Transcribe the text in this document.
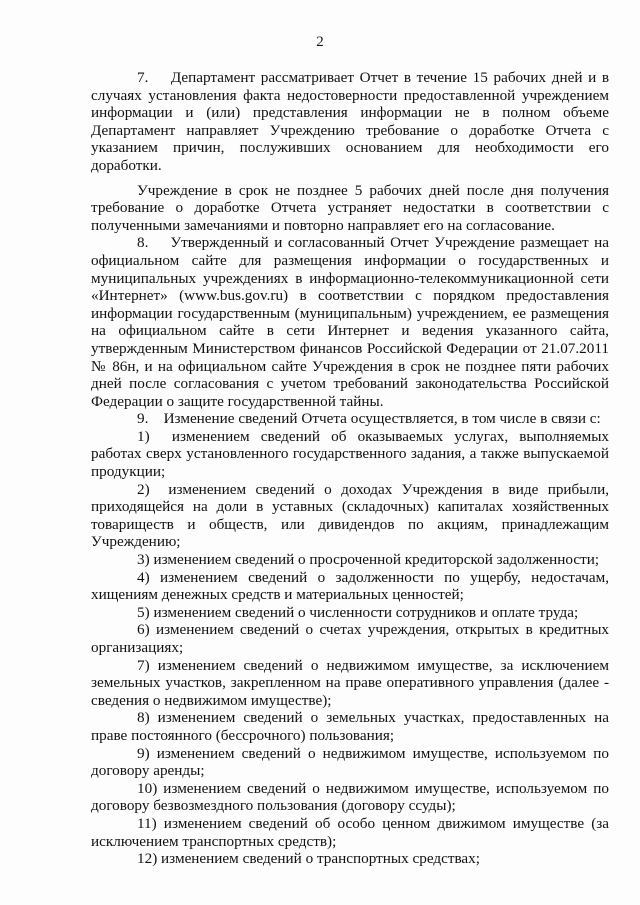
2

7.    Департамент рассматривает Отчет в течение 15 рабочих дней и в случаях установления факта недостоверности предоставленной учреждением информации и (или) представления информации не в полном объеме Департамент направляет Учреждению требование о доработке Отчета с указанием причин, послуживших основанием для необходимости его доработки.

Учреждение в срок не позднее 5 рабочих дней после дня получения требование о доработке Отчета устраняет недостатки в соответствии с полученными замечаниями и повторно направляет его на согласование.

8.    Утвержденный и согласованный Отчет Учреждение размещает на официальном сайте для размещения информации о государственных и муниципальных учреждениях в информационно-телекоммуникационной сети «Интернет» (www.bus.gov.ru) в соответствии с порядком предоставления информации государственным (муниципальным) учреждением, ее размещения на официальном сайте в сети Интернет и ведения указанного сайта, утвержденным Министерством финансов Российской Федерации от 21.07.2011 № 86н, и на официальном сайте Учреждения в срок не позднее пяти рабочих дней после согласования с учетом требований законодательства Российской Федерации о защите государственной тайны.

9.    Изменение сведений Отчета осуществляется, в том числе в связи с:

1)  изменением сведений об оказываемых услугах, выполняемых работах сверх установленного государственного задания, а также выпускаемой продукции;

2)  изменением сведений о доходах Учреждения в виде прибыли, приходящейся на доли в уставных (складочных) капиталах хозяйственных товариществ и обществ, или дивидендов по акциям, принадлежащим Учреждению;

3) изменением сведений о просроченной кредиторской задолженности;

4) изменением сведений о задолженности по ущербу, недостачам, хищениям денежных средств и материальных ценностей;

5) изменением сведений о численности сотрудников и оплате труда;

6) изменением сведений о счетах учреждения, открытых в кредитных организациях;

7) изменением сведений о недвижимом имуществе, за исключением земельных участков, закрепленном на праве оперативного управления (далее - сведения о недвижимом имуществе);

8) изменением сведений о земельных участках, предоставленных на праве постоянного (бессрочного) пользования;

9) изменением сведений о недвижимом имуществе, используемом по договору аренды;

10) изменением сведений о недвижимом имуществе, используемом по договору безвозмездного пользования (договору ссуды);

11) изменением сведений об особо ценном движимом имуществе (за исключением транспортных средств);

12) изменением сведений о транспортных средствах;
